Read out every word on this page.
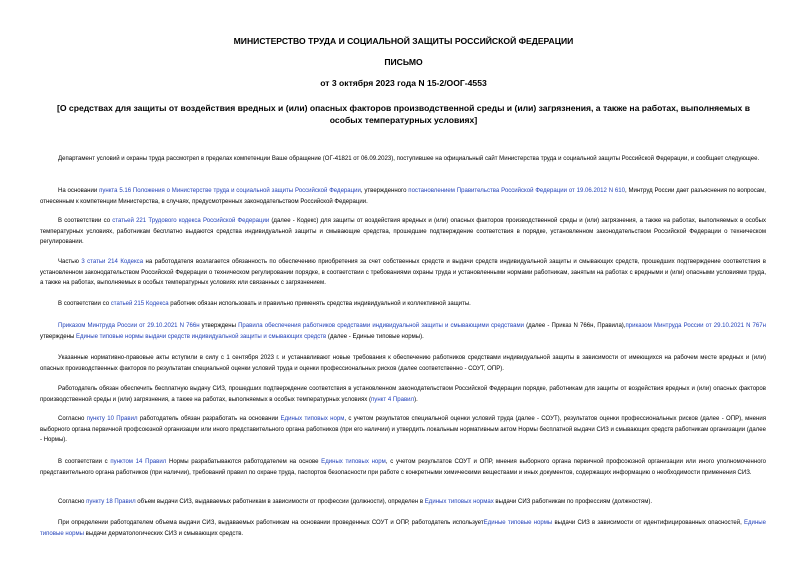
МИНИСТЕРСТВО ТРУДА И СОЦИАЛЬНОЙ ЗАЩИТЫ РОССИЙСКОЙ ФЕДЕРАЦИИ
ПИСЬМО
от 3 октября 2023 года N 15-2/ООГ-4553
[О средствах для защиты от воздействия вредных и (или) опасных факторов производственной среды и (или) загрязнения, а также на работах, выполняемых в особых температурных условиях]

Департамент условий и охраны труда рассмотрел в пределах компетенции Ваше обращение (ОГ-41821 от 06.09.2023), поступившее на официальный сайт Министерства труда и социальной защиты Российской Федерации, и сообщает следующее.

На основании пункта 5.16 Положения о Министерстве труда и социальной защиты Российской Федерации, утвержденного постановлением Правительства Российской Федерации от 19.06.2012 N 610, Минтруд России дает разъяснения по вопросам, отнесенным к компетенции Министерства, в случаях, предусмотренных законодательством Российской Федерации.

В соответствии со статьей 221 Трудового кодекса Российской Федерации (далее - Кодекс) для защиты от воздействия вредных и (или) опасных факторов производственной среды и (или) загрязнения, а также на работах, выполняемых в особых температурных условиях, работникам бесплатно выдаются средства индивидуальной защиты и смывающие средства, прошедшие подтверждение соответствия в порядке, установленном законодательством Российской Федерации о техническом регулировании.

Частью 3 статьи 214 Кодекса на работодателя возлагается обязанность по обеспечению приобретения за счет собственных средств и выдачи средств индивидуальной защиты и смывающих средств, прошедших подтверждение соответствия в установленном законодательством Российской Федерации о техническом регулировании порядке, в соответствии с требованиями охраны труда и установленными нормами работникам, занятым на работах с вредными и (или) опасными условиями труда, а также на работах, выполняемых в особых температурных условиях или связанных с загрязнением.

В соответствии со статьей 215 Кодекса работник обязан использовать и правильно применять средства индивидуальной и коллективной защиты.

Приказом Минтруда России от 29.10.2021 N 766н утверждены Правила обеспечения работников средствами индивидуальной защиты и смывающими средствами (далее - Приказ N 766н, Правила),приказом Минтруда России от 29.10.2021 N 767н утверждены Единые типовые нормы выдачи средств индивидуальной защиты и смывающих средств (далее - Единые типовые нормы).

Указанные нормативно-правовые акты вступили в силу с 1 сентября 2023 г. и устанавливают новые требования к обеспечению работников средствами индивидуальной защиты в зависимости от имеющихся на рабочем месте вредных и (или) опасных производственных факторов по результатам специальной оценки условий труда и оценки профессиональных рисков (далее соответственно - СОУТ, ОПР).

Работодатель обязан обеспечить бесплатную выдачу СИЗ, прошедших подтверждение соответствия в установленном законодательством Российской Федерации порядке, работникам для защиты от воздействия вредных и (или) опасных факторов производственной среды и (или) загрязнения, а также на работах, выполняемых в особых температурных условиях (пункт 4 Правил).

Согласно пункту 10 Правил работодатель обязан разработать на основании Единых типовых норм, с учетом результатов специальной оценки условий труда (далее - СОУТ), результатов оценки профессиональных рисков (далее - ОПР), мнения выборного органа первичной профсоюзной организации или иного представительного органа работников (при его наличии) и утвердить локальным нормативным актом Нормы бесплатной выдачи СИЗ и смывающих средств работникам организации (далее - Нормы).

В соответствии с пунктом 14 Правил Нормы разрабатываются работодателем на основе Единых типовых норм, с учетом результатов СОУТ и ОПР, мнения выборного органа первичной профсоюзной организации или иного уполномоченного представительного органа работников (при наличии), требований правил по охране труда, паспортов безопасности при работе с конкретными химическими веществами и иных документов, содержащих информацию о необходимости применения СИЗ.

Согласно пункту 18 Правил объем выдачи СИЗ, выдаваемых работникам в зависимости от профессии (должности), определен в Единых типовых нормах выдачи СИЗ работникам по профессиям (должностям).

При определении работодателем объема выдачи СИЗ, выдаваемых работникам на основании проведенных СОУТ и ОПР, работодатель используетЕдиные типовые нормы выдачи СИЗ в зависимости от идентифицированных опасностей, Единые типовые нормы выдачи дерматологических СИЗ и смывающих средств.
